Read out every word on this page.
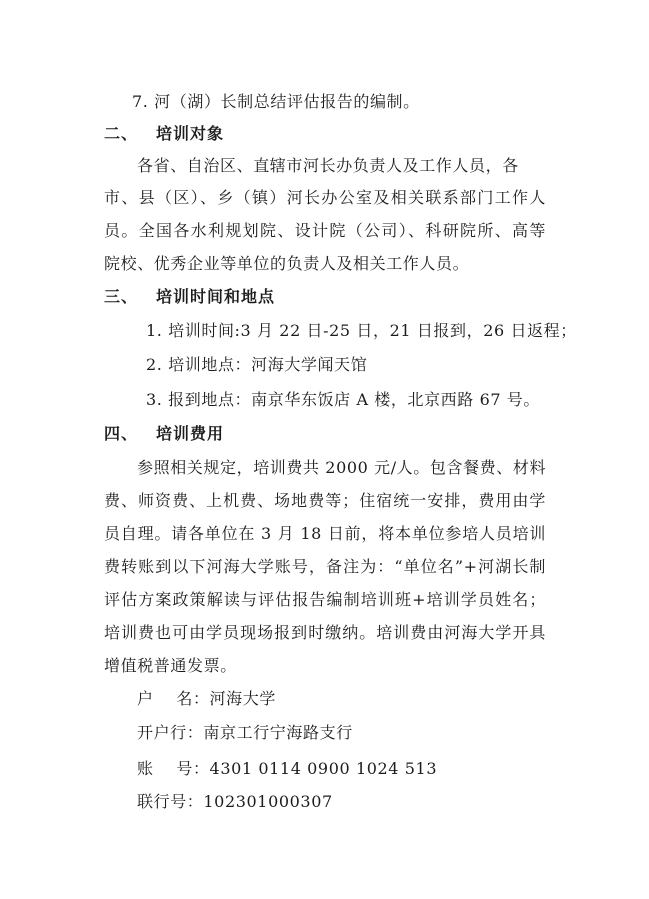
7. 河（湖）长制总结评估报告的编制。
二、 培训对象
各省、自治区、直辖市河长办负责人及工作人员，各
市、县（区）、乡（镇）河长办公室及相关联系部门工作人
员。全国各水利规划院、设计院（公司）、科研院所、高等
院校、优秀企业等单位的负责人及相关工作人员。
三、 培训时间和地点
1. 培训时间:3 月 22 日-25 日，21 日报到，26 日返程；
2. 培训地点：河海大学闻天馆
3. 报到地点：南京华东饭店 A 楼，北京西路 67 号。
四、 培训费用
参照相关规定，培训费共 2000 元/人。包含餐费、材料
费、师资费、上机费、场地费等；住宿统一安排，费用由学
员自理。请各单位在 3 月 18 日前，将本单位参培人员培训
费转账到以下河海大学账号，备注为：“单位名”+河湖长制
评估方案政策解读与评估报告编制培训班+培训学员姓名；
培训费也可由学员现场报到时缴纳。培训费由河海大学开具
增值税普通发票。
户    名：河海大学
开户行：南京工行宁海路支行
账    号：4301 0114 0900 1024 513
联行号：102301000307
